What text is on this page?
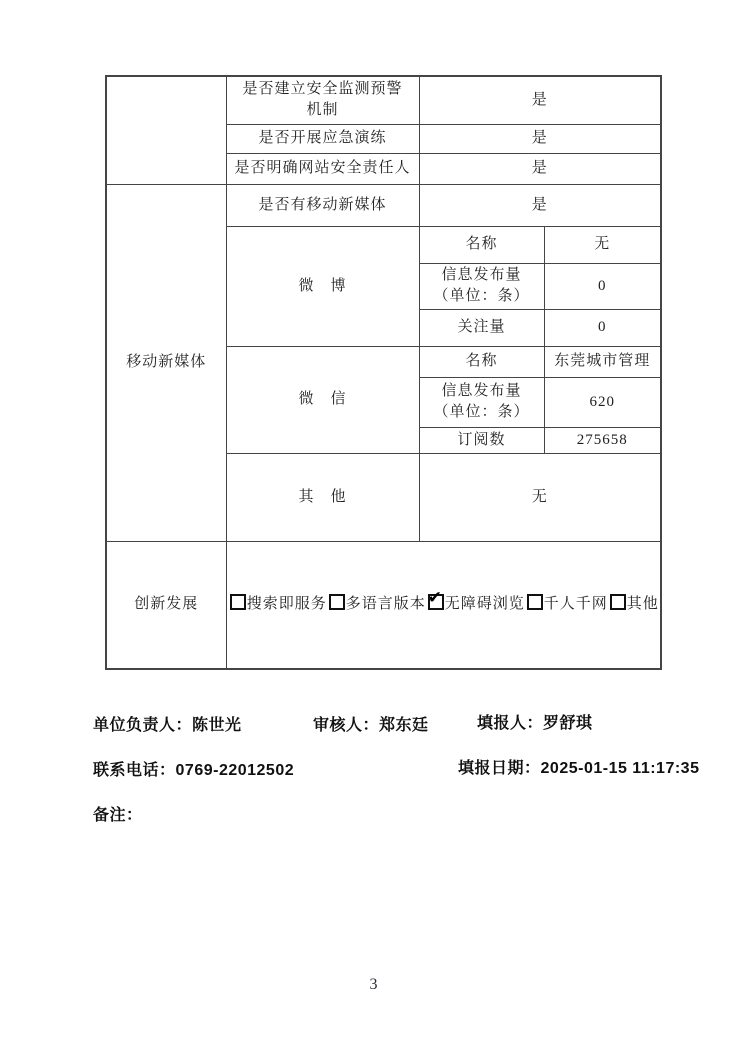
	是否建立安全监测预警
机制	是	
	是否开展应急演练	是	
	是否明确网站安全责任人	是	
移动新媒体	是否有移动新媒体	是	
	微　博	名称	无

		信息发布量
（单位：条）	0
		关注量	0
	微　信	名称	东莞城市管理

		信息发布量
（单位：条）	620
		订阅数	275658
	其　他	无	
创新发展	搜索即服务 多语言版本 ✔ 无障碍浏览 千人千网 其他
单位负责人：陈世光	审核人：郑东廷	填报人：罗舒琪
联系电话：0769-22012502	填报日期：2025-01-15 11:17:35
备注：
3
